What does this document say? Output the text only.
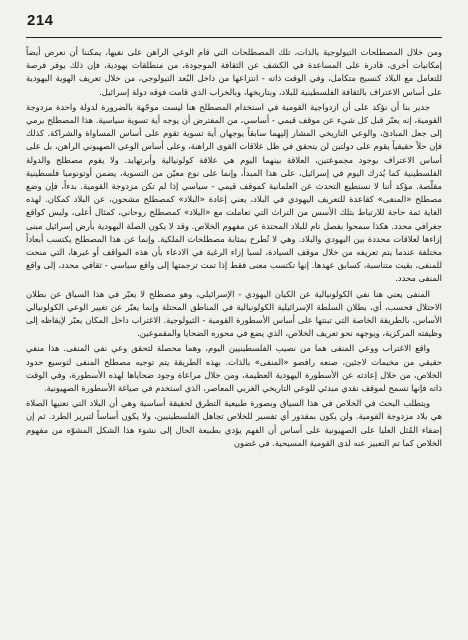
214

ومن خلال المصطلحات التيولوجية بالذات، تلك المصطلحات التي قام الوعي الراهن على نفيها، يمكننا أن نعرض أيضاً إمكانيات أخرى، قادرة على المساعدة في الكشف عن الثقافة الموجودة، من منطلقات يهودية، فإن ذلك يوفر فرصة للتعامل مع البلاد كنسيج متكامل، وفي الوقت ذاته - انتزاعها من داخل البُعد التيولوجي، من خلال تعريف الهوية اليهودية على أساس الاعتراف بالثقافة الفلسطينية للبلاد، وبتاريخها، وبالخراب الذي قامت فوقه دولة إسرائيل.

جدير بنا أن نؤكد على أن ازدواجية القومية في استخدام المصطلح هنا ليست موجّهة بالضرورة لدولة واحدة مزدوجة القومية، إنه يعبّر قبل كل شيء عن موقف قيمي - أساسي، من المفترض أن يوجه أية تسوية سياسية. هذا المصطلح يرمي إلى جعل المبادئ، والوعي التاريخي المشار إليهما سابقاً يوجهان أية تسوية تقوم على أساس المساواة والشراكة. كذلك فإن حلاً حقيقياً يقوم على دولتين لن يتحقق في ظل علاقات القوى الراهنة، وعلى أساس الوعي الصهيوني الراهن، بل على أساس الاعتراف بوجود مجموعتين، العلاقة بينهما اليوم هي علاقة كولونيالية وأبرتهايد. ولا يقوم مصطلح والدولة الفلسطينية كما يُدرك اليوم في إسرائيل، على هذا المبدأ، وإنما على نوع معيّن من التسوية، يضمن أوتونوميا فلسطينية مقلّصة. مؤكد أننا لا نستطيع التحدث عن العلمانية كموقف قيمي - سياسي إذا لم تكن مزدوجة القومية. بدءاً، فإن وضع مصطلح «المنفى» كقاعدة للتعريف اليهودي في البلاد، يعني إعادة «البلاد» كمصطلح مشحون، عن البلاد كمكان. لهذه الغاية ثمة حاجة للارتباط بتلك الأسس من التراث التي تعاملت مع «البلاد» كمصطلح روحاني، كمثال أعلى، وليس كواقع جغرافي محدد. هكذا سمحوا بفصل تام للبلاد المحتدة عن مفهوم الخلاص. وقد لا يكون الصلة اليهودية بأرض إسرائيل مبنى إزاءها لعلاقات محددة بين اليهودي والبلاد. وهي لا تُطرح بمثابة مصطلحات الملكية. وإنما عن هذا المصطلح يكتسب أبعاداً مختلفة عندما يتم تعريفه من خلال موقف السيادة، لسبا إزاء الرغبة في الادعاء بأن هذه المواقف أو غيرها، التي منحت للمنفى، بقيت متناسبة، كسابق عهدها. إنها تكتسب معنى فقط إذا تمت ترجمتها إلى واقع سياسي - ثقافي محدد، إلى واقع المنفى محدد.

المنفى يعني هنا نفي الكولونيالية عن الكيان اليهودي - الإسرائيلي، وهو مصطلح لا يعبّر في هذا السياق عن بطلان الاحتلال فحسب، أي، بطلان السلطة الإسرائيلية الكولونيالية في المناطق المحتلة وإنما يعبّر عن تغيير الوعي الكولونيالي الأساس، بالطريقة الخاصة التي تبنتها على أساس الأسطورة القومية - الثيولوجية. الاغتراب داخل المكان يعبّر لإيقاظه إلى وظيفته المركزية، ويوجهه نحو تعريف الخلاص، الذي يضع في محوره الضحايا والمقموعين.

واقع الاغتراب ووعي المنفى هما من نصيب الفلسطينيين اليوم، وهما محصلة لتحقق وعي نفي المنفى. هذا منفي حقيقي من مخيمات لاجئين، صنعه رافضو «المنفى» بالذات. بهذه الطريقة يتم توجيه مصطلح المنفى لتوسيع حدود الخلاص، من خلال إعادته عن الأسطورة اليهودية العظيمة، ومن خلال مراعاة وجود ضحاياها لهذه الأسطورة، وفي الوقت ذاته فإنها تسمح لموقف نقدي مبدئي للوعي التاريخي الغربي المعاصر، الذي استخدم في صياغة الأسطورة الصهيونية.

ويتطلب البحث في الخلاص في هذا السياق وبصورة طبيعية التطرق لحقيقة أساسية وهي أن البلاد التي تعنيها الصلاة هي بلاد مزدوجة القومية. ولن يكون بمقدور أي تفسير للخلاص تجاهل الفلسطينيين، ولا يكون أساساً لتبرير الطرد. ثم إن إضفاء المُثل العليا على الصهيونية على أساس أن الفهم يؤدي بطبيعة الحال إلى نشوء هذا الشكل المشوّه من مفهوم الخلاص كما تم التعبير عنه لدى القومية المسيحية. في غضون
